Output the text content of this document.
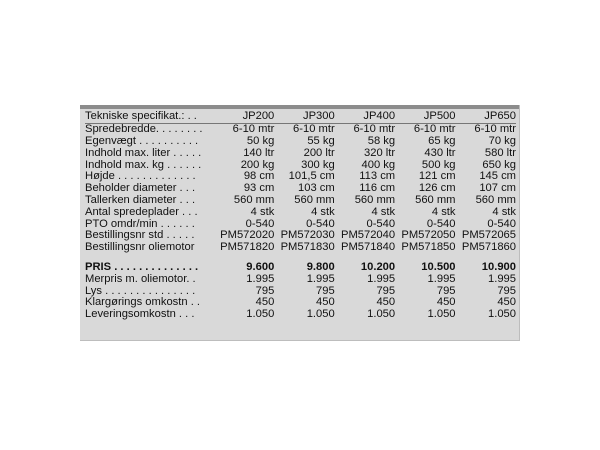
Tekniske specifikat.: . .	JP200	JP300	JP400	JP500	JP650
Spredebredde. . . . . . . .	6-10 mtr	6-10 mtr	6-10 mtr	6-10 mtr	6-10 mtr
Egenvægt . . . . . . . . . .	50 kg	55 kg	58 kg	65 kg	70 kg
Indhold max. liter . . . . .	140 ltr	200 ltr	320 ltr	430 ltr	580 ltr
Indhold max. kg . . . . . .	200 kg	300 kg	400 kg	500 kg	650 kg
Højde . . . . . . . . . . . . .	98 cm	101,5 cm	113 cm	121 cm	145 cm
Beholder diameter . . .	93 cm	103 cm	116 cm	126 cm	107 cm
Tallerken diameter . . .	560 mm	560 mm	560 mm	560 mm	560 mm
Antal spredeplader . . .	4 stk	4 stk	4 stk	4 stk	4 stk
PTO omdr/min . . . . . .	0-540	0-540	0-540	0-540	0-540
Bestillingsnr std . . . . .	PM572020	PM572030	PM572040	PM572050	PM572065
Bestillingsnr oliemotor	PM571820	PM571830	PM571840	PM571850	PM571860

PRIS . . . . . . . . . . . . . .	9.600	9.800	10.200	10.500	10.900
Merpris m. oliemotor. .	1.995	1.995	1.995	1.995	1.995
Lys . . . . . . . . . . . . . . .	795	795	795	795	795
Klargørings omkostn . .	450	450	450	450	450
Leveringsomkostn . . .	1.050	1.050	1.050	1.050	1.050
